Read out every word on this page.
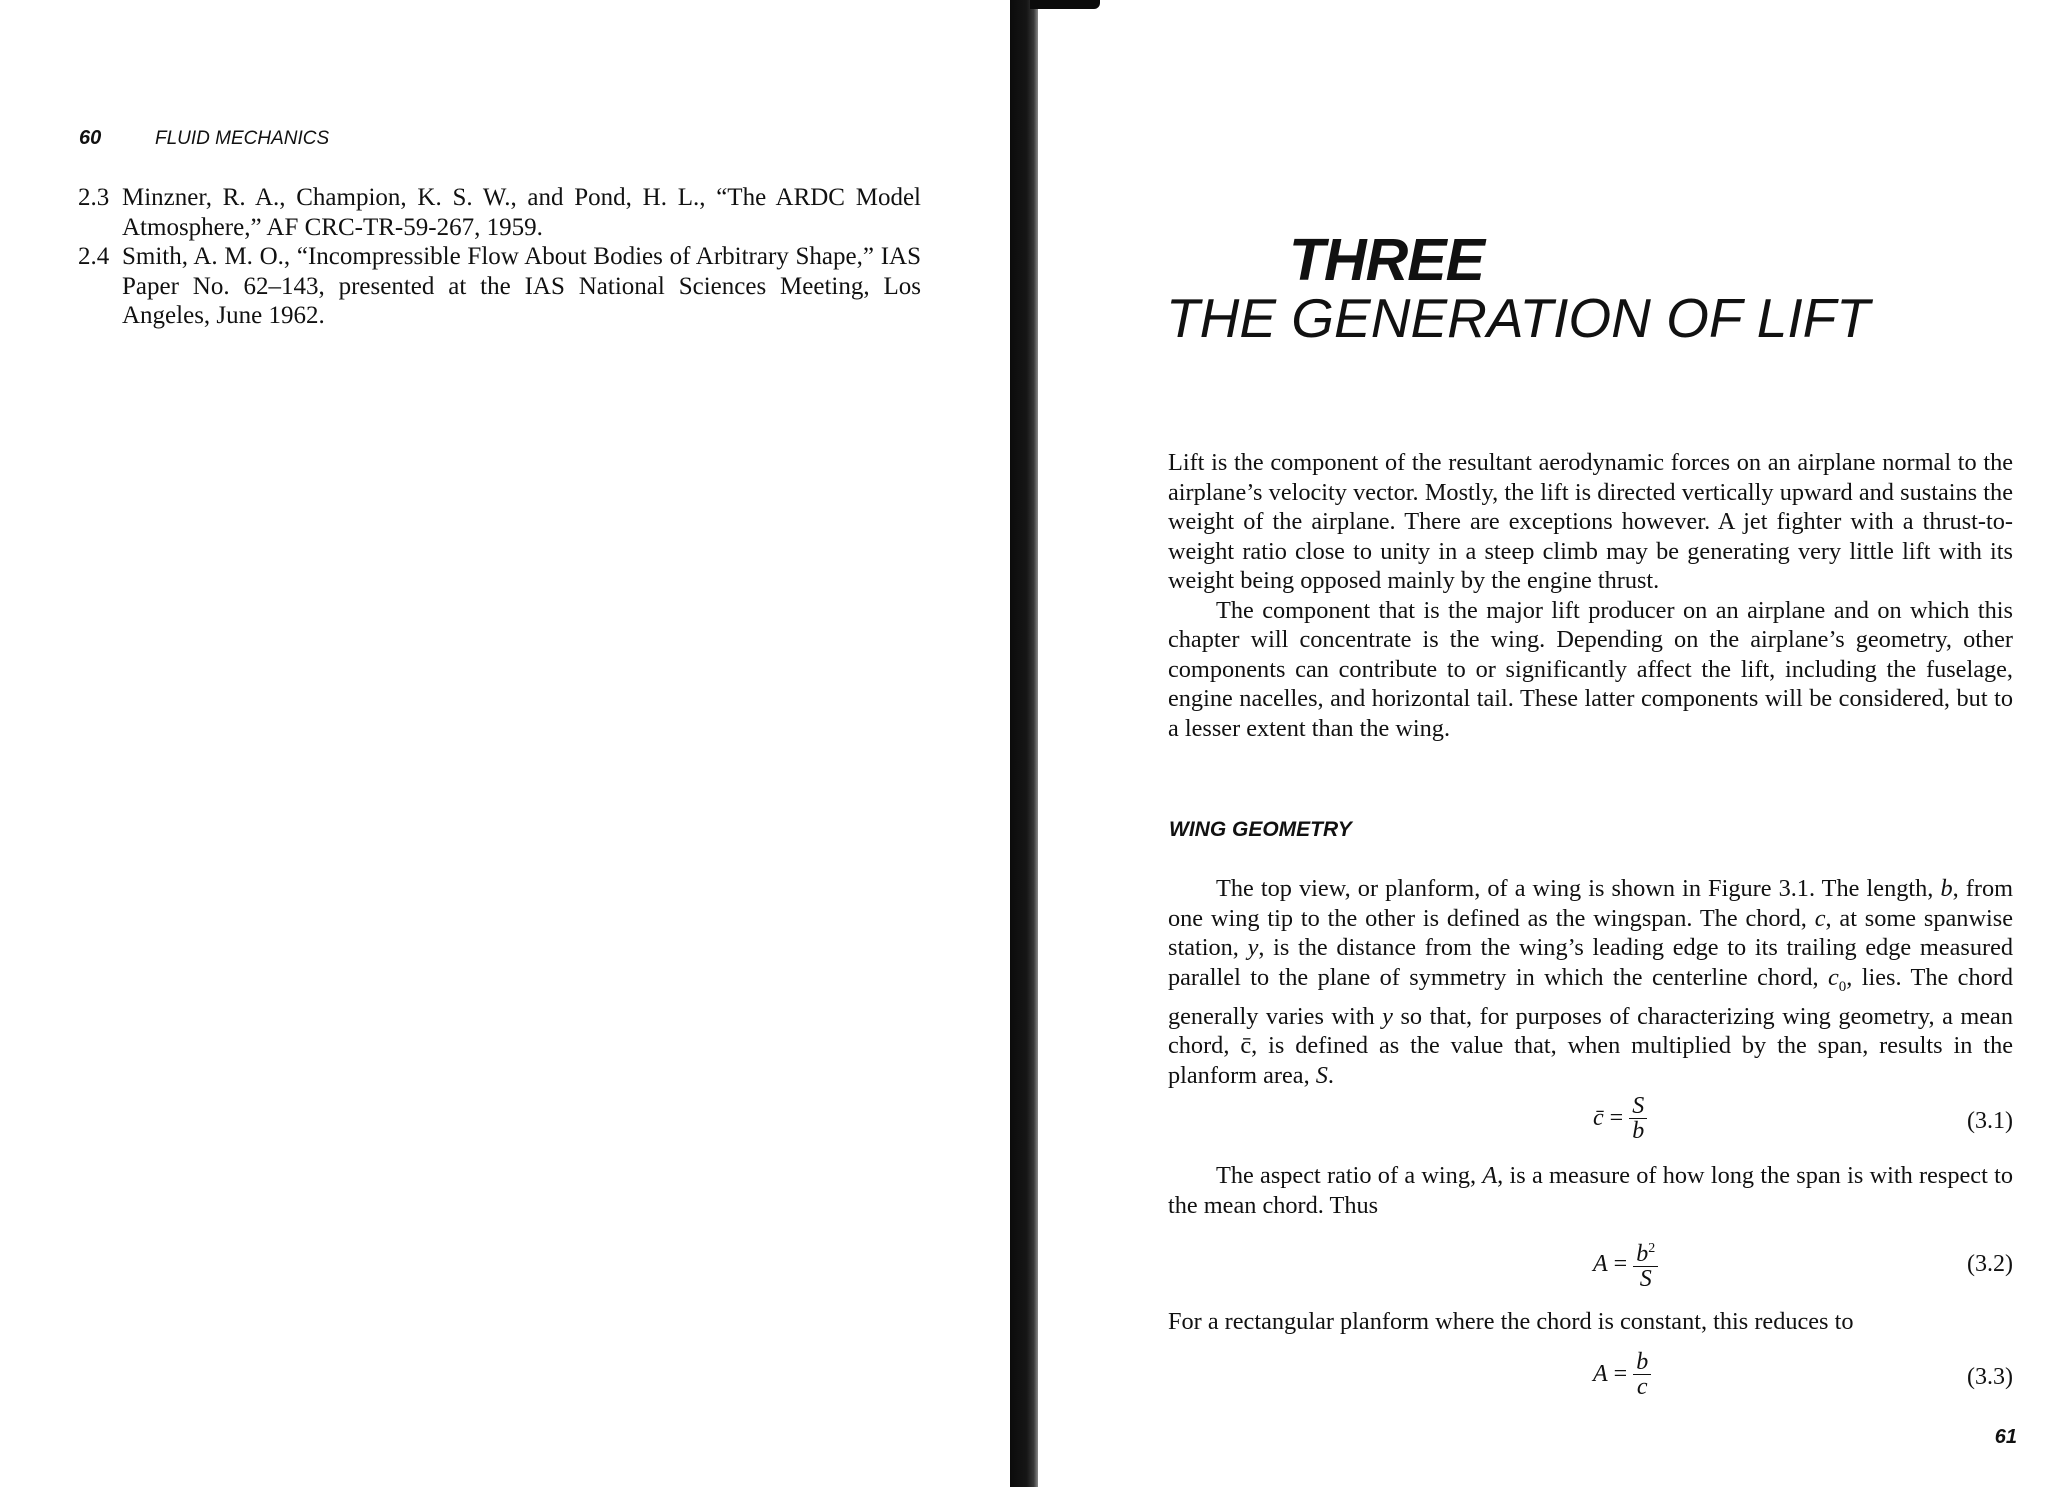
60	FLUID MECHANICS
2.3 Minzner, R. A., Champion, K. S. W., and Pond, H. L., “The ARDC Model Atmosphere,” AF CRC-TR-59-267, 1959.
2.4 Smith, A. M. O., “Incompressible Flow About Bodies of Arbitrary Shape,” IAS Paper No. 62–143, presented at the IAS National Sciences Meeting, Los Angeles, June 1962.
THREE
THE GENERATION OF LIFT

Lift is the component of the resultant aerodynamic forces on an airplane normal to the airplane’s velocity vector. Mostly, the lift is directed vertically upward and sustains the weight of the airplane. There are exceptions however. A jet fighter with a thrust-to-weight ratio close to unity in a steep climb may be generating very little lift with its weight being opposed mainly by the engine thrust.

The component that is the major lift producer on an airplane and on which this chapter will concentrate is the wing. Depending on the airplane’s geometry, other components can contribute to or significantly affect the lift, including the fuselage, engine nacelles, and horizontal tail. These latter components will be considered, but to a lesser extent than the wing.

WING GEOMETRY

The top view, or planform, of a wing is shown in Figure 3.1. The length, b, from one wing tip to the other is defined as the wingspan. The chord, c, at some spanwise station, y, is the distance from the wing’s leading edge to its trailing edge measured parallel to the plane of symmetry in which the centerline chord, $c_0$, lies. The chord generally varies with y so that, for purposes of characterizing wing geometry, a mean chord, c̄, is defined as the value that, when multiplied by the span, results in the planform area, S.

c̄ = $\frac{S}{b}$	(3.1)

The aspect ratio of a wing, A, is a measure of how long the span is with respect to the mean chord. Thus

$A = \frac{b^2}{S}$	(3.2)

For a rectangular planform where the chord is constant, this reduces to

$A = \frac{b}{c}$	(3.3)
61
